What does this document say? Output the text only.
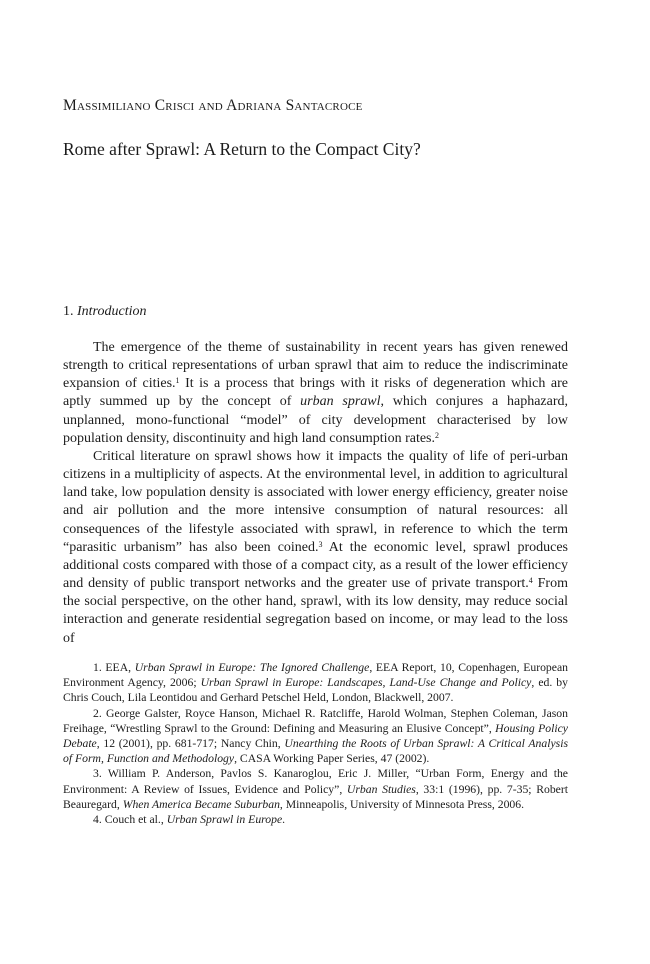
Massimiliano Crisci and Adriana Santacroce
Rome after Sprawl: A Return to the Compact City?
1. Introduction

The emergence of the theme of sustainability in recent years has given renewed strength to critical representations of urban sprawl that aim to reduce the indiscriminate expansion of cities.$^1$ It is a process that brings with it risks of degeneration which are aptly summed up by the concept of urban sprawl, which conjures a haphazard, unplanned, mono-functional “model” of city development characterised by low population density, discontinuity and high land consumption rates.$^2$

Critical literature on sprawl shows how it impacts the quality of life of peri-urban citizens in a multiplicity of aspects. At the environmental level, in addition to agricultural land take, low population density is associated with lower energy efficiency, greater noise and air pollution and the more intensive consumption of natural resources: all consequences of the lifestyle associated with sprawl, in reference to which the term “parasitic urbanism” has also been coined.$^3$ At the economic level, sprawl produces additional costs compared with those of a compact city, as a result of the lower efficiency and density of public transport networks and the greater use of private transport.$^4$ From the social perspective, on the other hand, sprawl, with its low density, may reduce social interaction and generate residential segregation based on income, or may lead to the loss of

1. EEA, Urban Sprawl in Europe: The Ignored Challenge, EEA Report, 10, Copenhagen, European Environment Agency, 2006; Urban Sprawl in Europe: Landscapes, Land-Use Change and Policy, ed. by Chris Couch, Lila Leontidou and Gerhard Petschel Held, London, Blackwell, 2007.

2. George Galster, Royce Hanson, Michael R. Ratcliffe, Harold Wolman, Stephen Coleman, Jason Freihage, “Wrestling Sprawl to the Ground: Defining and Measuring an Elusive Concept”, Housing Policy Debate, 12 (2001), pp. 681-717; Nancy Chin, Unearthing the Roots of Urban Sprawl: A Critical Analysis of Form, Function and Methodology, CASA Working Paper Series, 47 (2002).

3. William P. Anderson, Pavlos S. Kanaroglou, Eric J. Miller, “Urban Form, Energy and the Environment: A Review of Issues, Evidence and Policy”, Urban Studies, 33:1 (1996), pp. 7-35; Robert Beauregard, When America Became Suburban, Minneapolis, University of Minnesota Press, 2006.

4. Couch et al., Urban Sprawl in Europe.
